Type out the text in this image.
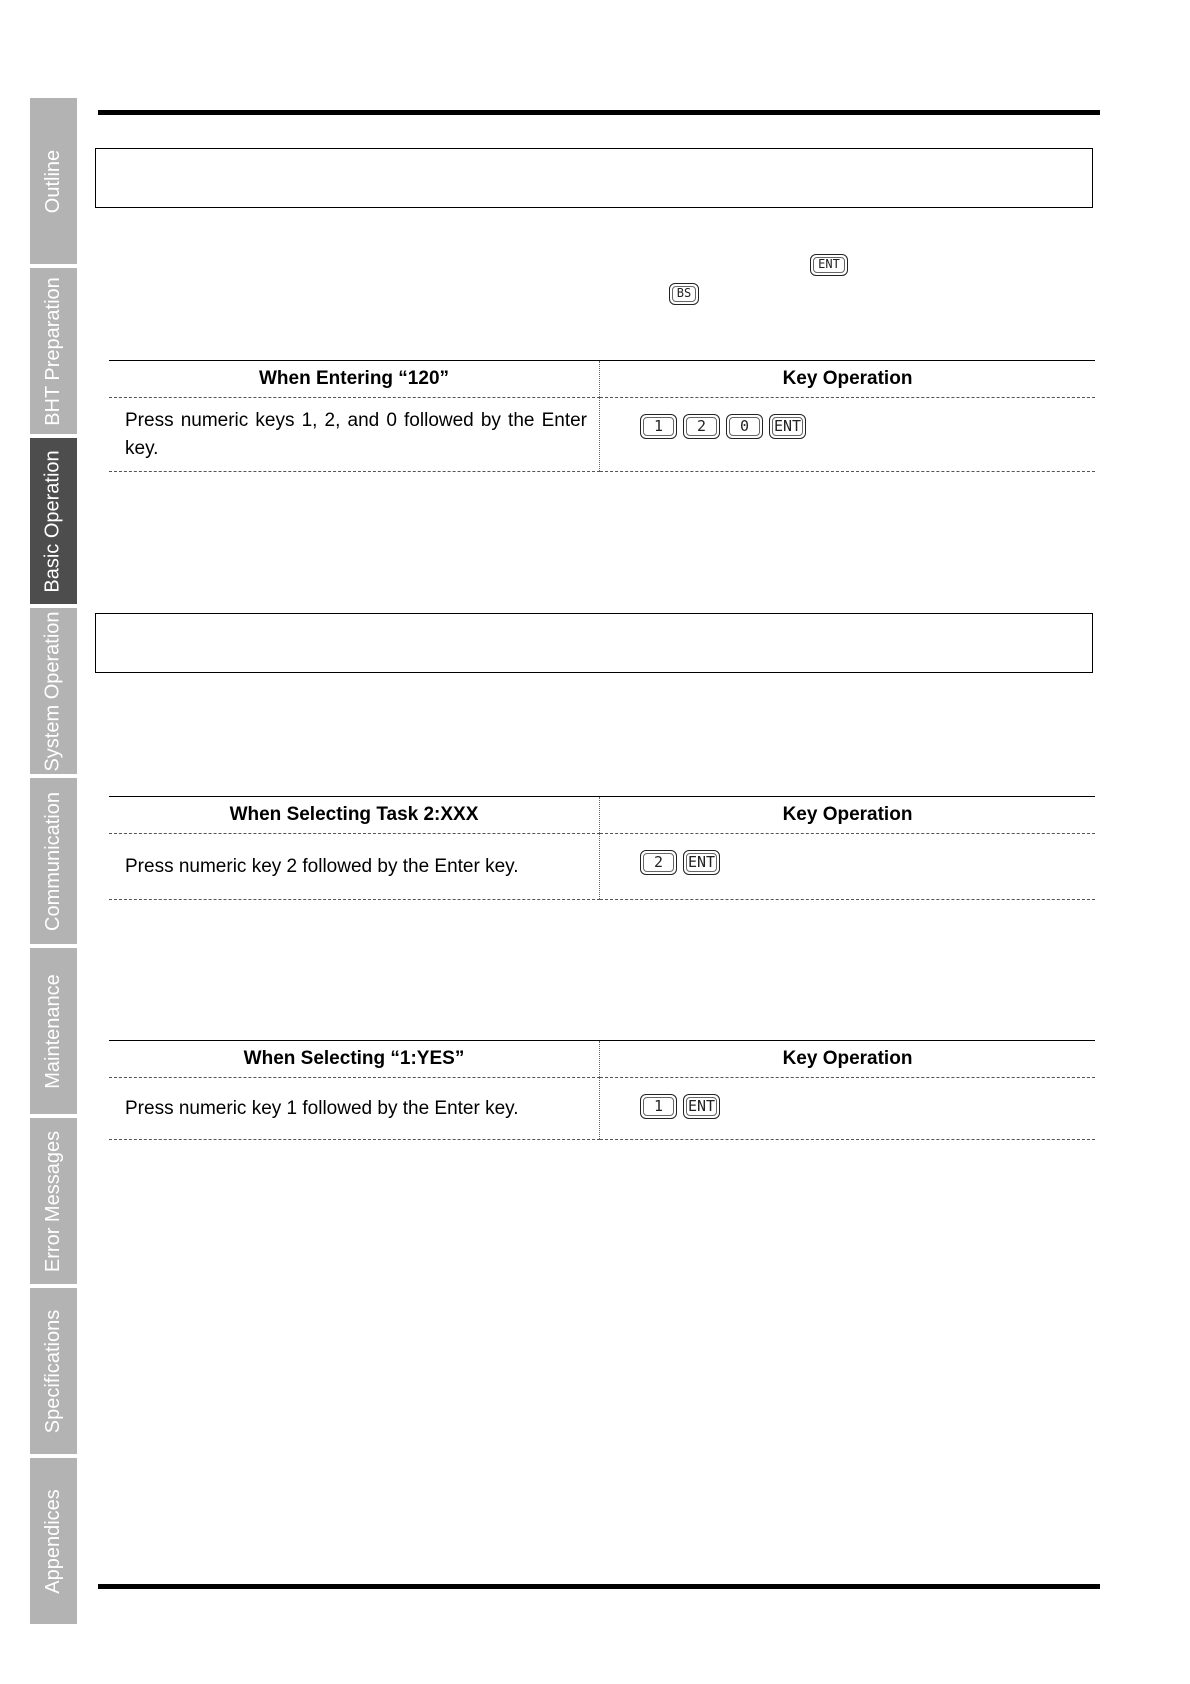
Outline
BHT Preparation
Basic Operation
System Operation
Communication
Maintenance
Error Messages
Specifications
Appendices
ENT
BS
When Entering “120”	Key Operation
Press numeric keys 1, 2, and 0 followed by the Enter key.	1 2 0 ENT
When Selecting Task 2:XXX	Key Operation
Press numeric key 2 followed by the Enter key.	2 ENT
When Selecting “1:YES”	Key Operation
Press numeric key 1 followed by the Enter key.	1 ENT
